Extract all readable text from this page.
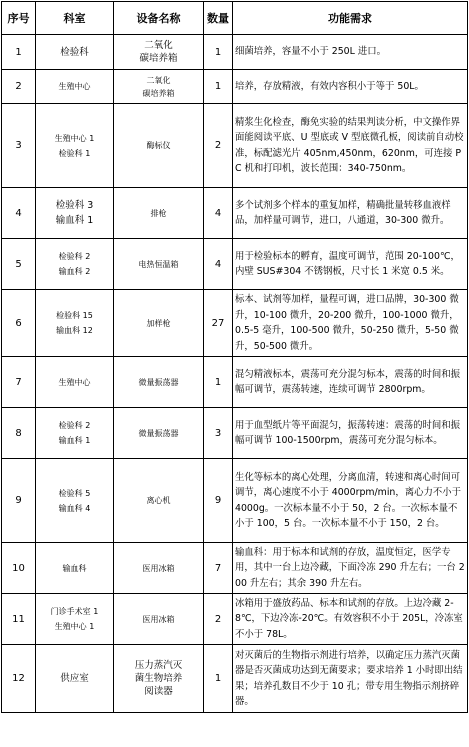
序号	科室	设备名称	数量	功能需求
1	检验科	二氧化
碳培养箱	1	细菌培养，容量不小于 250L 进口。
2	生殖中心	二氧化
碳培养箱	1	培养，存放精液，有效内容积小于等于 50L。
3	生殖中心 1
检验科 1	酶标仪	2	精浆生化检查，酶免实验的结果判读分析，中文操作界面能阅读平底、U 型底或 V 型底微孔板，阅读前自动校准，标配滤光片 405nm,450nm，620nm，可连接 PC 机和打印机，波长范围：340-750nm。
4	检验科 3
输血科 1	排枪	4	多个试剂多个样本的重复加样，精确批量转移血液样品，加样量可调节，进口，八通道，30-300 微升。
5	检验科 2
输血科 2	电热恒温箱	4	用于检验标本的孵育，温度可调节，范围 20-100℃，内壁 SUS#304 不锈钢板，尺寸长 1 米宽 0.5 米。
6	检验科 15
输血科 12	加样枪	27	标本、试剂等加样，量程可调，进口品牌，30-300 微升，10-100 微升，20-200 微升，100-1000 微升，0.5-5 毫升，100-500 微升，50-250 微升，5-50 微升，50-500 微升。
7	生殖中心	微量振荡器	1	混匀精液标本，震荡可充分混匀标本，震荡的时间和振幅可调节，震荡转速，连续可调节 2800rpm。
8	检验科 2
输血科 1	微量振荡器	3	用于血型纸片等平面混匀，振荡转速：震荡的时间和振幅可调节 100-1500rpm，震荡可充分混匀标本。
9	检验科 5
输血科 4	离心机	9	生化等标本的离心处理，分离血清，转速和离心时间可调节，离心速度不小于 4000rpm/min，离心力不小于 4000g。一次标本量不小于 50，2 台。一次标本量不小于 100，5 台。一次标本量不小于 150，2 台。
10	输血科	医用冰箱	7	输血科：用于标本和试剂的存放，温度恒定，医学专用，其中一台上边冷藏，下面冷冻 290 升左右；一台 200 升左右；其余 390 升左右。
11	门诊手术室 1
生殖中心 1	医用冰箱	2	冰箱用于盛放药品、标本和试剂的存放。上边冷藏 2-8℃，下边冷冻-20℃。有效容积不小于 205L，冷冻室不小于 78L。
12	供应室	压力蒸汽灭
菌生物培养
阅读器	1	对灭菌后的生物指示剂进行培养，以确定压力蒸汽灭菌器是否灭菌成功达到无菌要求；要求培养 1 小时即出结果；培养孔数目不少于 10 孔；带专用生物指示剂挤碎器。
